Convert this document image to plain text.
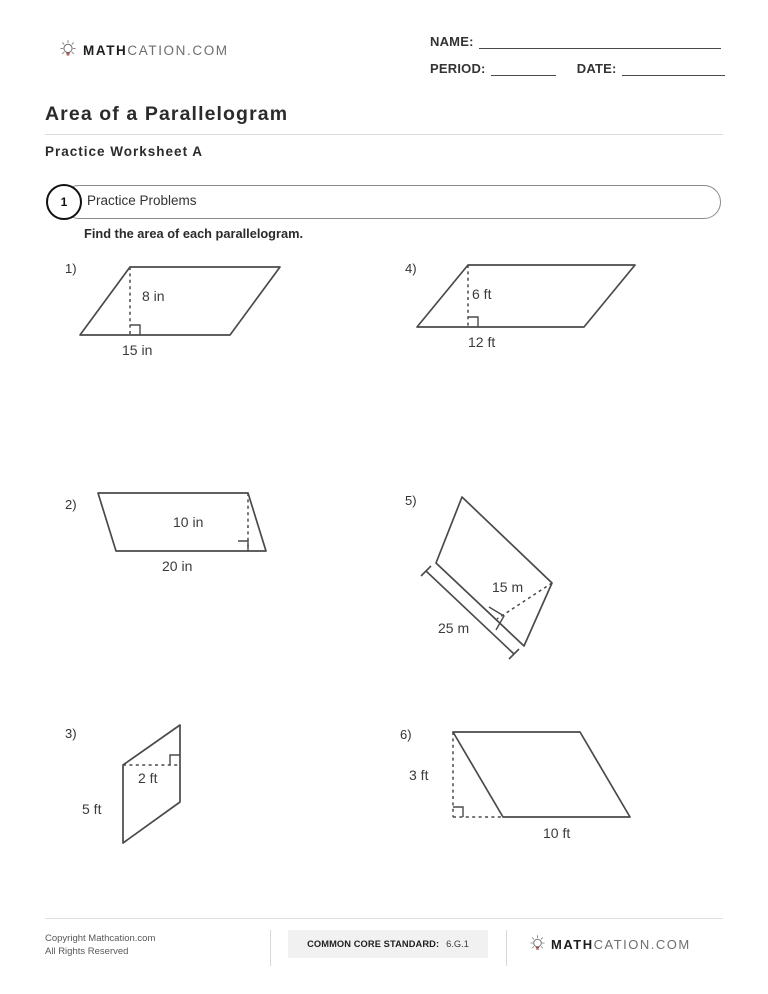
MATHCATION.COM
NAME:
PERIOD:	DATE:
Area of a Parallelogram
Practice Worksheet A
Practice Problems
1
Find the area of each parallelogram.
1)
8 in
15 in
4)
6 ft
12 ft
2)
10 in
20 in
5)
15 m
25 m
3)
2 ft
5 ft
6)
3 ft
10 ft
Copyright Mathcation.com
All Rights Reserved
COMMON CORE STANDARD: 6.G.1	MATHCATION.COM
